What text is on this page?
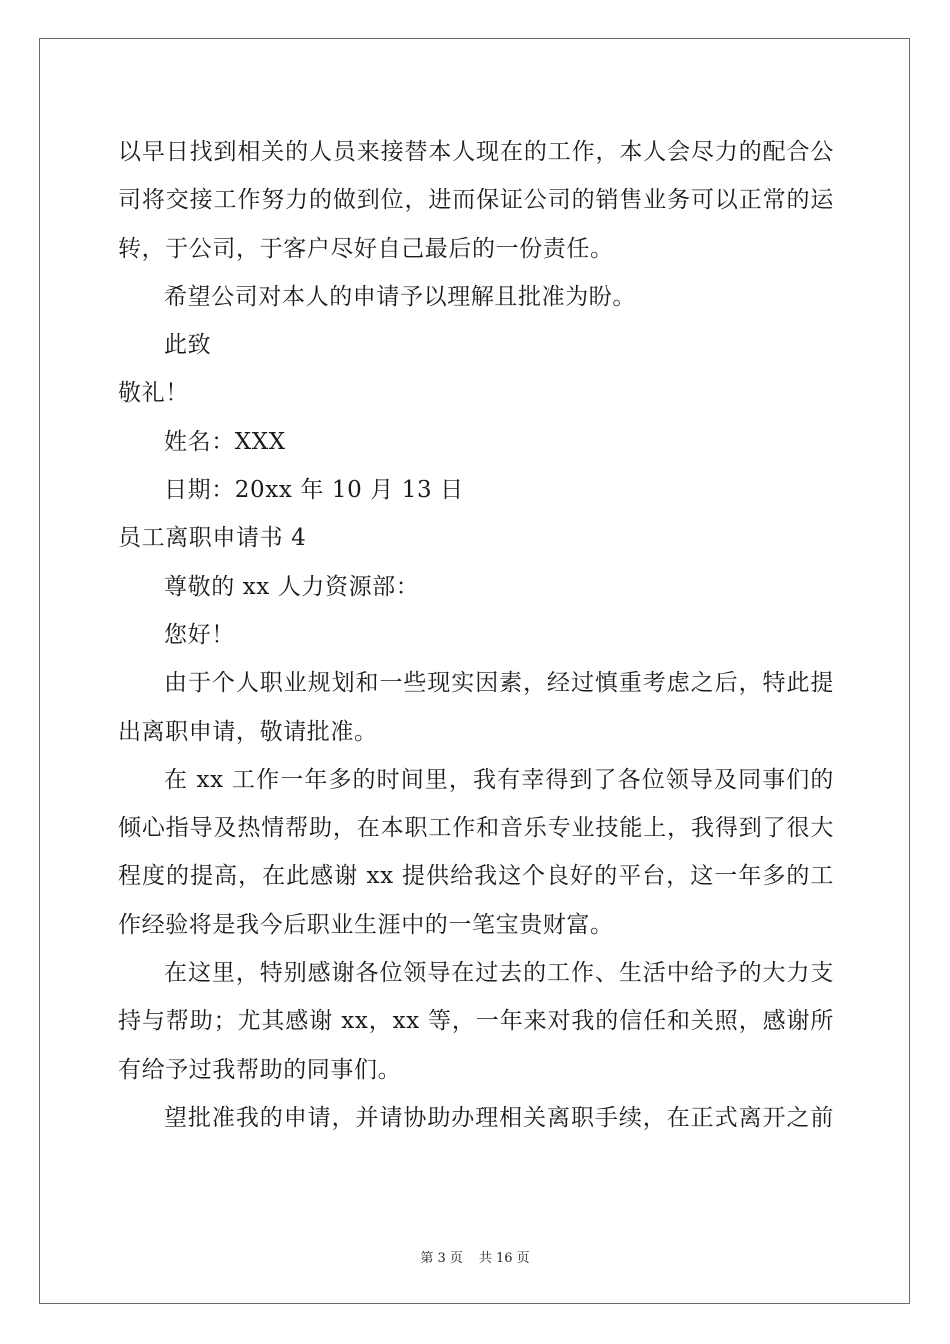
以早日找到相关的人员来接替本人现在的工作，本人会尽力的配合公
司将交接工作努力的做到位，进而保证公司的销售业务可以正常的运
转，于公司，于客户尽好自己最后的一份责任。
希望公司对本人的申请予以理解且批准为盼。
此致
敬礼！
姓名：XXX
日期：20xx 年 10 月 13 日
员工离职申请书 4
尊敬的 xx 人力资源部：
您好！
由于个人职业规划和一些现实因素，经过慎重考虑之后，特此提
出离职申请，敬请批准。
在 xx 工作一年多的时间里，我有幸得到了各位领导及同事们的
倾心指导及热情帮助，在本职工作和音乐专业技能上，我得到了很大
程度的提高，在此感谢 xx 提供给我这个良好的平台，这一年多的工
作经验将是我今后职业生涯中的一笔宝贵财富。
在这里，特别感谢各位领导在过去的工作、生活中给予的大力支
持与帮助；尤其感谢 xx，xx 等，一年来对我的信任和关照，感谢所
有给予过我帮助的同事们。
望批准我的申请，并请协助办理相关离职手续，在正式离开之前
第 3 页 共 16 页
